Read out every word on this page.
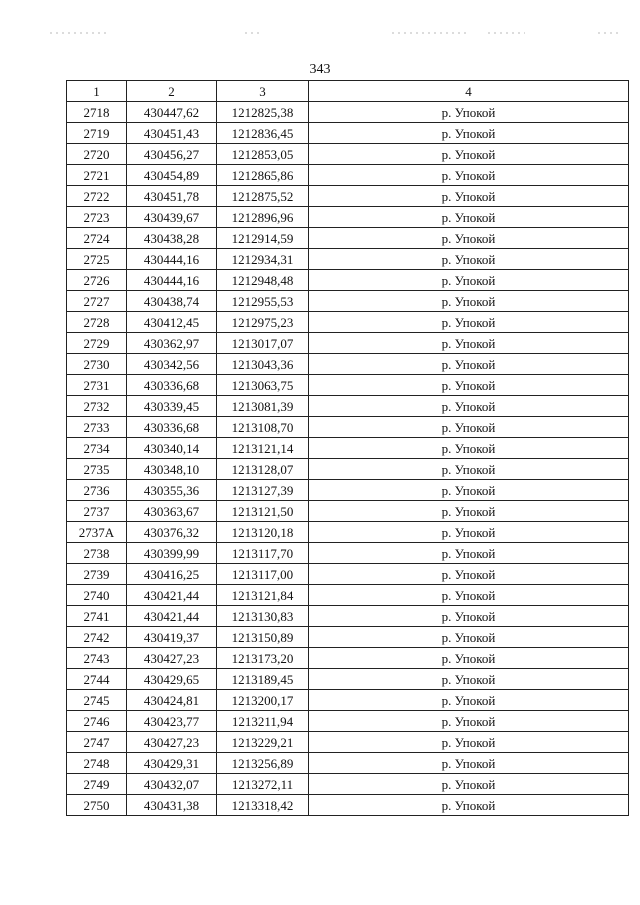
343
1	2	3	4
2718	430447,62	1212825,38	р. Упокой
2719	430451,43	1212836,45	р. Упокой
2720	430456,27	1212853,05	р. Упокой
2721	430454,89	1212865,86	р. Упокой
2722	430451,78	1212875,52	р. Упокой
2723	430439,67	1212896,96	р. Упокой
2724	430438,28	1212914,59	р. Упокой
2725	430444,16	1212934,31	р. Упокой
2726	430444,16	1212948,48	р. Упокой
2727	430438,74	1212955,53	р. Упокой
2728	430412,45	1212975,23	р. Упокой
2729	430362,97	1213017,07	р. Упокой
2730	430342,56	1213043,36	р. Упокой
2731	430336,68	1213063,75	р. Упокой
2732	430339,45	1213081,39	р. Упокой
2733	430336,68	1213108,70	р. Упокой
2734	430340,14	1213121,14	р. Упокой
2735	430348,10	1213128,07	р. Упокой
2736	430355,36	1213127,39	р. Упокой
2737	430363,67	1213121,50	р. Упокой
2737А	430376,32	1213120,18	р. Упокой
2738	430399,99	1213117,70	р. Упокой
2739	430416,25	1213117,00	р. Упокой
2740	430421,44	1213121,84	р. Упокой
2741	430421,44	1213130,83	р. Упокой
2742	430419,37	1213150,89	р. Упокой
2743	430427,23	1213173,20	р. Упокой
2744	430429,65	1213189,45	р. Упокой
2745	430424,81	1213200,17	р. Упокой
2746	430423,77	1213211,94	р. Упокой
2747	430427,23	1213229,21	р. Упокой
2748	430429,31	1213256,89	р. Упокой
2749	430432,07	1213272,11	р. Упокой
2750	430431,38	1213318,42	р. Упокой
